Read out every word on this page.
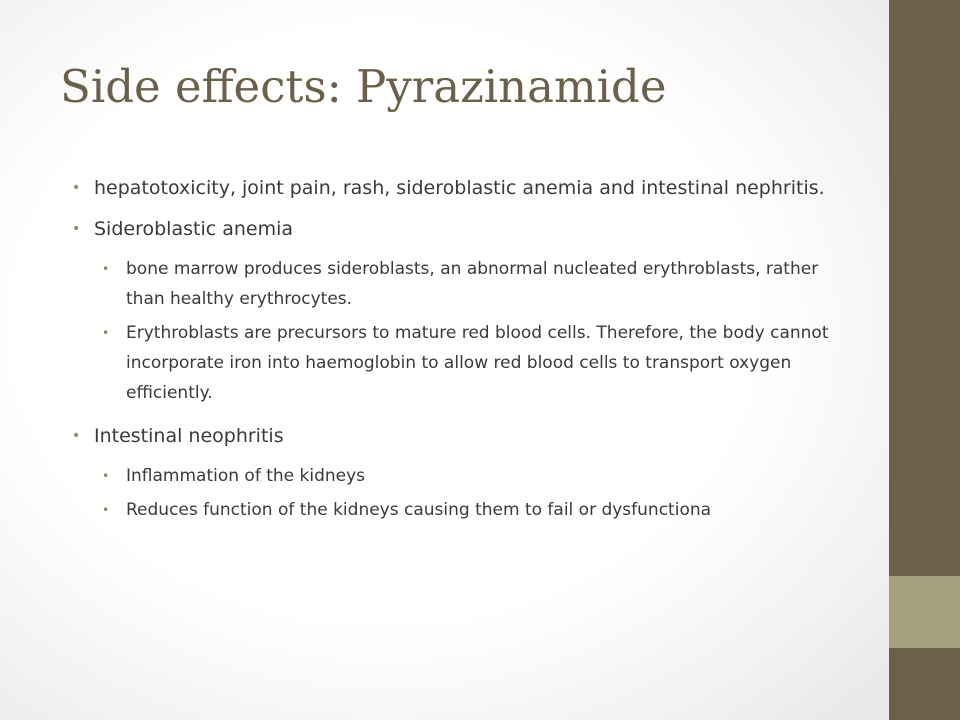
Side effects: Pyrazinamide
• hepatotoxicity, joint pain, rash, sideroblastic anemia and intestinal nephritis.
• Sideroblastic anemia
• bone marrow produces sideroblasts, an abnormal nucleated erythroblasts, rather than healthy erythrocytes.
• Erythroblasts are precursors to mature red blood cells. Therefore, the body cannot incorporate iron into haemoglobin to allow red blood cells to transport oxygen efficiently.
• Intestinal neophritis
• Inflammation of the kidneys
• Reduces function of the kidneys causing them to fail or dysfunctiona
